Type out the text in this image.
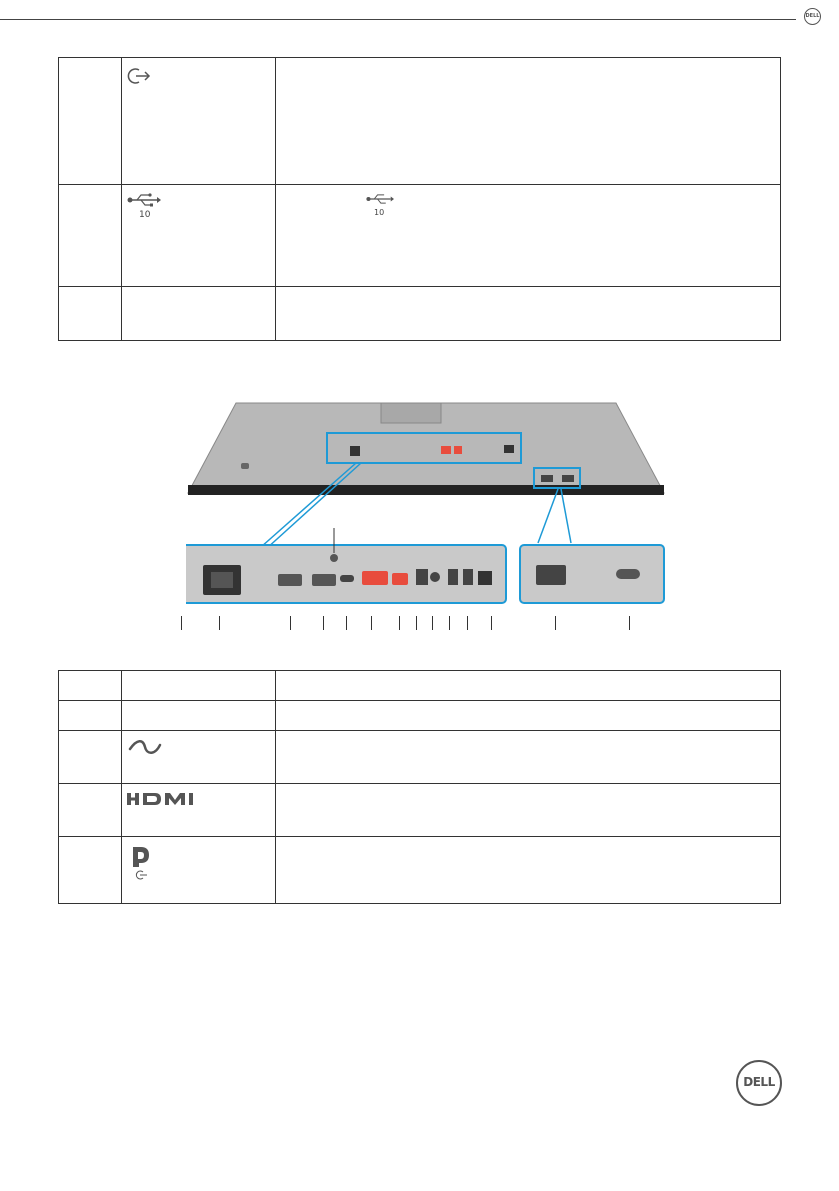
DELL

	10	10

DELL
